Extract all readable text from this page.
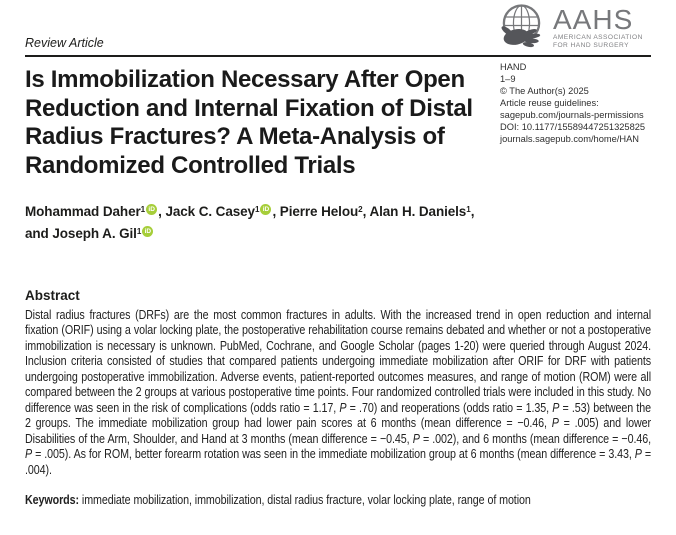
Review Article
AAHS
AMERICAN ASSOCIATION
FOR HAND SURGERY
HAND
1–9
© The Author(s) 2025
Article reuse guidelines:
sagepub.com/journals-permissions
DOI: 10.1177/15589447251325825
journals.sagepub.com/home/HAN
Is Immobilization Necessary After Open
Reduction and Internal Fixation of Distal
Radius Fractures? A Meta-Analysis of
Randomized Controlled Trials
Mohammad Daher$^1$ iD , Jack C. Casey$^1$ iD , Pierre Helou$^2$, Alan H. Daniels$^1$,
and Joseph A. Gil$^1$ iD
Abstract

Distal radius fractures (DRFs) are the most common fractures in adults. With the increased trend in open reduction and internal fixation (ORIF) using a volar locking plate, the postoperative rehabilitation course remains debated and whether or not a postoperative immobilization is necessary is unknown. PubMed, Cochrane, and Google Scholar (pages 1-20) were queried through August 2024. Inclusion criteria consisted of studies that compared patients undergoing immediate mobilization after ORIF for DRF with patients undergoing postoperative immobilization. Adverse events, patient-reported outcomes measures, and range of motion (ROM) were all compared between the 2 groups at various postoperative time points. Four randomized controlled trials were included in this study. No difference was seen in the risk of complications (odds ratio = 1.17, P = .70) and reoperations (odds ratio = 1.35, P = .53) between the 2 groups. The immediate mobilization group had lower pain scores at 6 months (mean difference = −0.46, P = .005) and lower Disabilities of the Arm, Shoulder, and Hand at 3 months (mean difference = −0.45, P = .002), and 6 months (mean difference = −0.46, P = .005). As for ROM, better forearm rotation was seen in the immediate mobilization group at 6 months (mean difference = 3.43, P = .004).

Keywords: immediate mobilization, immobilization, distal radius fracture, volar locking plate, range of motion
